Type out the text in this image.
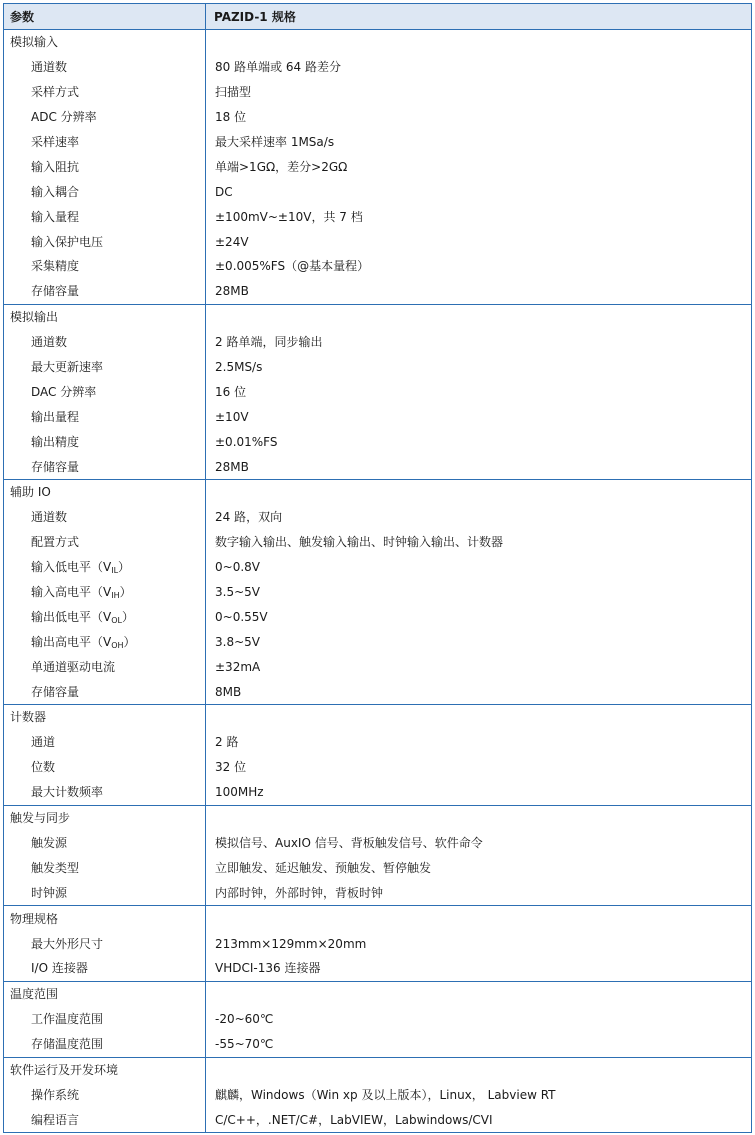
参数	PAZID-1 规格
模拟输入	
通道数	80 路单端或 64 路差分
采样方式	扫描型
ADC 分辨率	18 位
采样速率	最大采样速率 1MSa/s
输入阻抗	单端>1GΩ，差分>2GΩ
输入耦合	DC
输入量程	±100mV~±10V，共 7 档
输入保护电压	±24V
采集精度	±0.005%FS（@基本量程）
存储容量	28MB
模拟输出	
通道数	2 路单端，同步输出
最大更新速率	2.5MS/s
DAC 分辨率	16 位
输出量程	±10V
输出精度	±0.01%FS
存储容量	28MB
辅助 IO	
通道数	24 路，双向
配置方式	数字输入输出、触发输入输出、时钟输入输出、计数器
输入低电平$(V_{IL})$	0~0.8V
输入高电平$(V_{IH})$	3.5~5V
输出低电平$(V_{OL})$	0~0.55V
输出高电平$(V_{OH})$	3.8~5V
单通道驱动电流	±32mA
存储容量	8MB
计数器	
通道	2 路
位数	32 位
最大计数频率	100MHz
触发与同步	
触发源	模拟信号、AuxIO 信号、背板触发信号、软件命令
触发类型	立即触发、延迟触发、预触发、暂停触发
时钟源	内部时钟，外部时钟，背板时钟
物理规格	
最大外形尺寸	213mm×129mm×20mm
I/O 连接器	VHDCI-136 连接器
温度范围	
工作温度范围	-20~60℃
存储温度范围	-55~70℃
软件运行及开发环境	
操作系统	麒麟，Windows（Win xp 及以上版本），Linux， Labview RT
编程语言	C/C++，.NET/C#，LabVIEW，Labwindows/CVI
